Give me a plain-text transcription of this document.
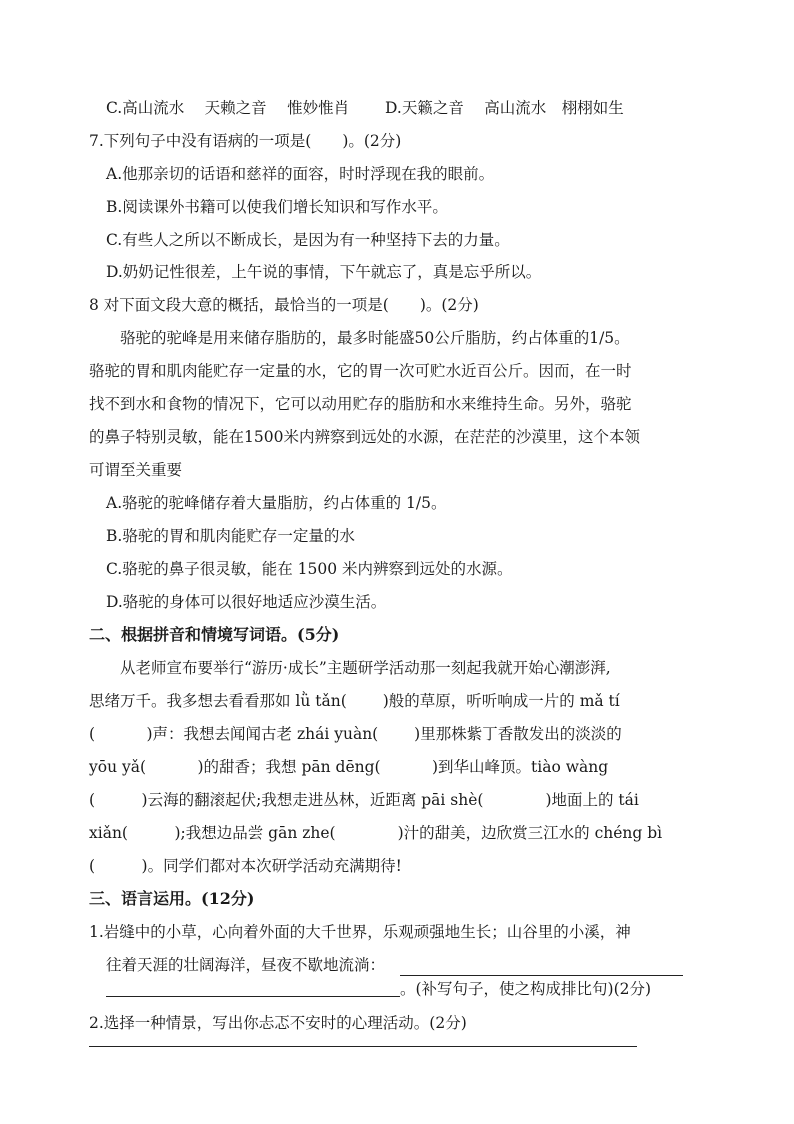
C.高山流水　 天赖之音　 惟妙惟肖　　 D.天籁之音　 高山流水　栩栩如生
7.下列句子中没有语病的一项是(　　)。(2分)
A.他那亲切的话语和慈祥的面容，时时浮现在我的眼前。
B.阅读课外书籍可以使我们增长知识和写作水平。
C.有些人之所以不断成长，是因为有一种坚持下去的力量。
D.奶奶记性很差，上午说的事情，下午就忘了，真是忘乎所以。
8 对下面文段大意的概括，最恰当的一项是(　　)。(2分)
　　骆驼的驼峰是用来储存脂肪的，最多时能盛50公斤脂肪，约占体重的1/5。
骆驼的胃和肌肉能贮存一定量的水，它的胃一次可贮水近百公斤。因而，在一时
找不到水和食物的情况下，它可以动用贮存的脂肪和水来维持生命。另外，骆驼
的鼻子特别灵敏，能在1500米内辨察到远处的水源，在茫茫的沙漠里，这个本领
可谓至关重要
A.骆驼的驼峰储存着大量脂肪，约占体重的 1/5。
B.骆驼的胃和肌肉能贮存一定量的水
C.骆驼的鼻子很灵敏，能在 1500 米内辨察到远处的水源。
D.骆驼的身体可以很好地适应沙漠生活。
二、根据拼音和情境写词语。(5分)
　　从老师宣布要举行“游历·成长”主题研学活动那一刻起我就开始心潮澎湃,
思绪万千。我多想去看看那如 lǜ tǎn(　　 )般的草原，听听响成一片的 mǎ tí
(　　　 )声：我想去闻闻古老 zhái yuàn(　　 )里那株紫丁香散发出的淡淡的
yōu yǎ(　　　 )的甜香；我想 pān dēng(　　　 )到华山峰顶。tiào wàng
(　　　)云海的翻滚起伏;我想走进丛林，近距离 pāi shè(　　　　)地面上的 tái
xiǎn(　　　);我想边品尝 gān zhe(　　　　)汁的甜美，边欣赏三江水的 chéng bì
(　　　)。同学们都对本次研学活动充满期待!
三、语言运用。(12分)
1.岩缝中的小草，心向着外面的大千世界，乐观顽强地生长；山谷里的小溪，神
往着天涯的壮阔海洋，昼夜不歇地流淌：
。(补写句子，使之构成排比句)(2分)
2.选择一种情景，写出你忐忑不安时的心理活动。(2分)
